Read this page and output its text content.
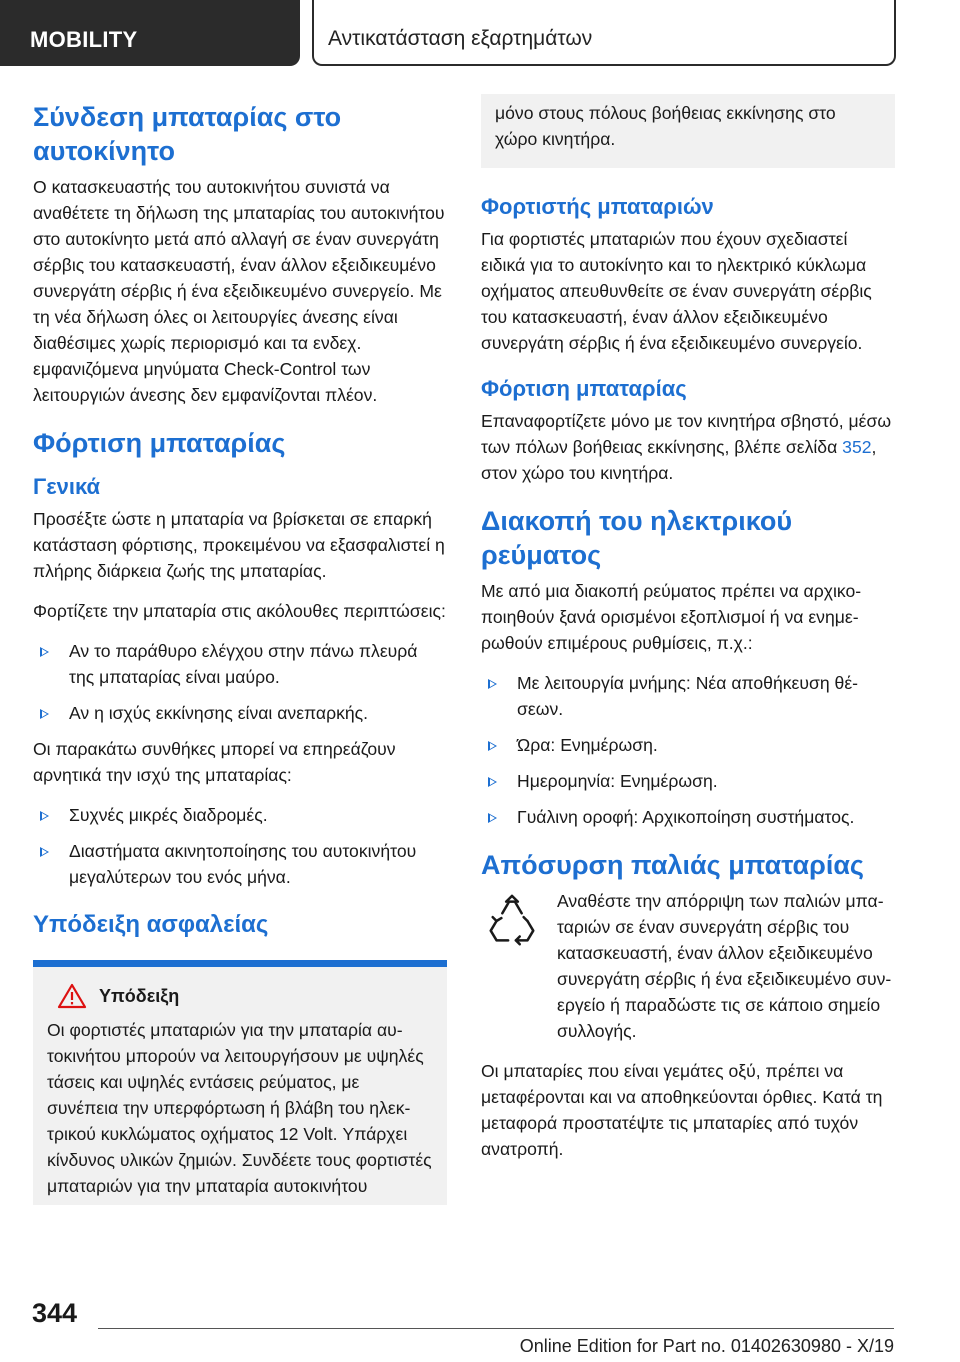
MOBILITY	Αντικατάσταση εξαρτημάτων
Σύνδεση μπαταρίας στο αυτοκίνητο

Ο κατασκευαστής του αυτοκινήτου συνιστά να αναθέτετε τη δήλωση της μπαταρίας του αυτοκινήτου στο αυτοκίνητο μετά από αλλαγή σε έναν συνεργάτη σέρβις του κατασκευαστή, έναν άλλον εξειδικευμένο συνεργάτη σέρβις ή ένα εξειδικευμένο συνεργείο. Με τη νέα δήλωση όλες οι λειτουργίες άνεσης είναι διαθέσιμες χωρίς περιορισμό και τα ενδεχ. εμφανιζόμενα μηνύματα Check-Control των λειτουργιών άνεσης δεν εμφανίζονται πλέον.

Φόρτιση μπαταρίας
Γενικά

Προσέξτε ώστε η μπαταρία να βρίσκεται σε επαρκή κατάσταση φόρτισης, προκειμένου να εξασφαλιστεί η πλήρης διάρκεια ζωής της μπαταρίας.

Φορτίζετε την μπαταρία στις ακόλουθες περιπτώσεις:

Αν το παράθυρο ελέγχου στην πάνω πλευρά της μπαταρίας είναι μαύρο.
Αν η ισχύς εκκίνησης είναι ανεπαρκής.

Οι παρακάτω συνθήκες μπορεί να επηρεάζουν αρνητικά την ισχύ της μπαταρίας:

Συχνές μικρές διαδρομές.
Διαστήματα ακινητοποίησης του αυτοκινήτου μεγαλύτερων του ενός μήνα.
Υπόδειξη ασφαλείας
Υπόδειξη

Οι φορτιστές μπαταριών για την μπαταρία αυτοκινήτου μπορούν να λειτουργήσουν με υψηλές τάσεις και υψηλές εντάσεις ρεύματος, με συνέπεια την υπερφόρτωση ή βλάβη του ηλεκτρικού κυκλώματος οχήματος 12 Volt. Υπάρχει κίνδυνος υλικών ζημιών. Συνδέετε τους φορτιστές μπαταριών για την μπαταρία αυτοκινήτου

μόνο στους πόλους βοήθειας εκκίνησης στο χώρο κινητήρα.

Φορτιστής μπαταριών

Για φορτιστές μπαταριών που έχουν σχεδιαστεί ειδικά για το αυτοκίνητο και το ηλεκτρικό κύκλωμα οχήματος απευθυνθείτε σε έναν συνεργάτη σέρβις του κατασκευαστή, έναν άλλον εξειδικευμένο συνεργάτη σέρβις ή ένα εξειδικευμένο συνεργείο.

Φόρτιση μπαταρίας

Επαναφορτίζετε μόνο με τον κινητήρα σβηστό, μέσω των πόλων βοήθειας εκκίνησης, βλέπε σελίδα 352, στον χώρο του κινητήρα.

Διακοπή του ηλεκτρικού ρεύματος

Με από μια διακοπή ρεύματος πρέπει να αρχικοποιηθούν ξανά ορισμένοι εξοπλισμοί ή να ενημερωθούν επιμέρους ρυθμίσεις, π.χ.:

Με λειτουργία μνήμης: Νέα αποθήκευση θέσεων.
Ώρα: Ενημέρωση.
Ημερομηνία: Ενημέρωση.
Γυάλινη οροφή: Αρχικοποίηση συστήματος.
Απόσυρση παλιάς μπαταρίας

Αναθέστε την απόρριψη των παλιών μπαταριών σε έναν συνεργάτη σέρβις του κατασκευαστή, έναν άλλον εξειδικευμένο συνεργάτη σέρβις ή ένα εξειδικευμένο συνεργείο ή παραδώστε τις σε κάποιο σημείο συλλογής.

Οι μπαταρίες που είναι γεμάτες οξύ, πρέπει να μεταφέρονται και να αποθηκεύονται όρθιες. Κατά τη μεταφορά προστατέψτε τις μπαταρίες από τυχόν ανατροπή.

344
Online Edition for Part no. 01402630980 - X/19
